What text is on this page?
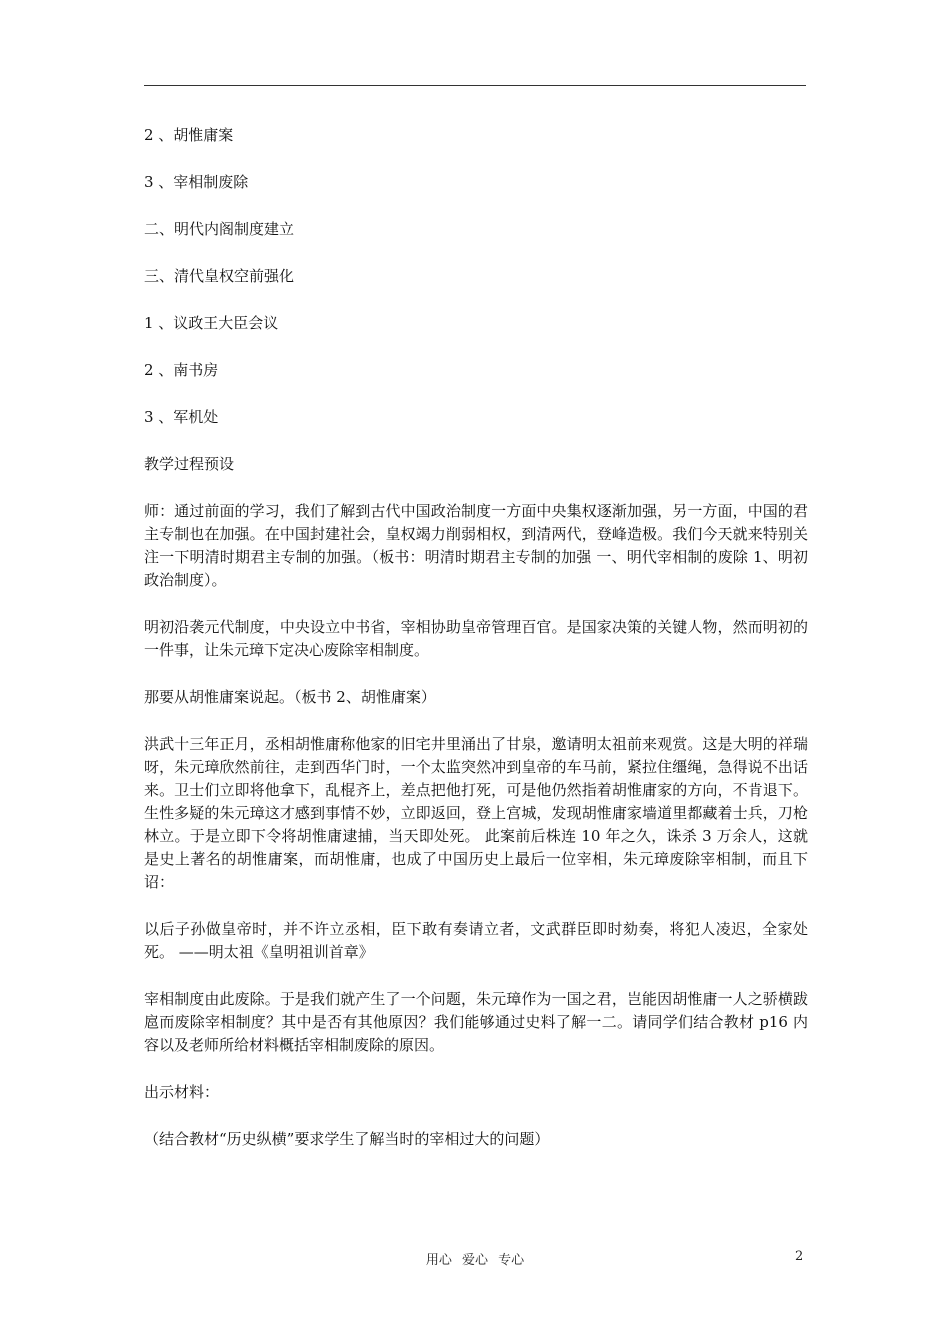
2 、胡惟庸案
3 、宰相制废除
二、明代内阁制度建立
三、清代皇权空前强化
1 、议政王大臣会议
2 、南书房
3 、军机处
教学过程预设
师：通过前面的学习，我们了解到古代中国政治制度一方面中央集权逐渐加强，另一方面，中国的君主专制也在加强。在中国封建社会，皇权竭力削弱相权，到清两代，登峰造极。我们今天就来特别关注一下明清时期君主专制的加强。（板书：明清时期君主专制的加强 一、明代宰相制的废除 1、明初政治制度）。
明初沿袭元代制度，中央设立中书省，宰相协助皇帝管理百官。是国家决策的关键人物，然而明初的一件事，让朱元璋下定决心废除宰相制度。
那要从胡惟庸案说起。（板书 2、胡惟庸案）
洪武十三年正月，丞相胡惟庸称他家的旧宅井里涌出了甘泉，邀请明太祖前来观赏。这是大明的祥瑞呀，朱元璋欣然前往，走到西华门时，一个太监突然冲到皇帝的车马前，紧拉住缰绳，急得说不出话来。卫士们立即将他拿下，乱棍齐上，差点把他打死，可是他仍然指着胡惟庸家的方向，不肯退下。生性多疑的朱元璋这才感到事情不妙，立即返回，登上宫城，发现胡惟庸家墙道里都藏着士兵，刀枪林立。于是立即下令将胡惟庸逮捕，当天即处死。 此案前后株连 10 年之久，诛杀 3 万余人，这就是史上著名的胡惟庸案，而胡惟庸，也成了中国历史上最后一位宰相，朱元璋废除宰相制，而且下诏：
以后子孙做皇帝时，并不许立丞相，臣下敢有奏请立者，文武群臣即时劾奏，将犯人凌迟，全家处死。 ——明太祖《皇明祖训首章》
宰相制度由此废除。于是我们就产生了一个问题，朱元璋作为一国之君，岂能因胡惟庸一人之骄横跋扈而废除宰相制度？其中是否有其他原因？我们能够通过史料了解一二。请同学们结合教材 p16 内容以及老师所给材料概括宰相制废除的原因。
出示材料：
（结合教材“历史纵横”要求学生了解当时的宰相过大的问题）
用心 爱心 专心	2
